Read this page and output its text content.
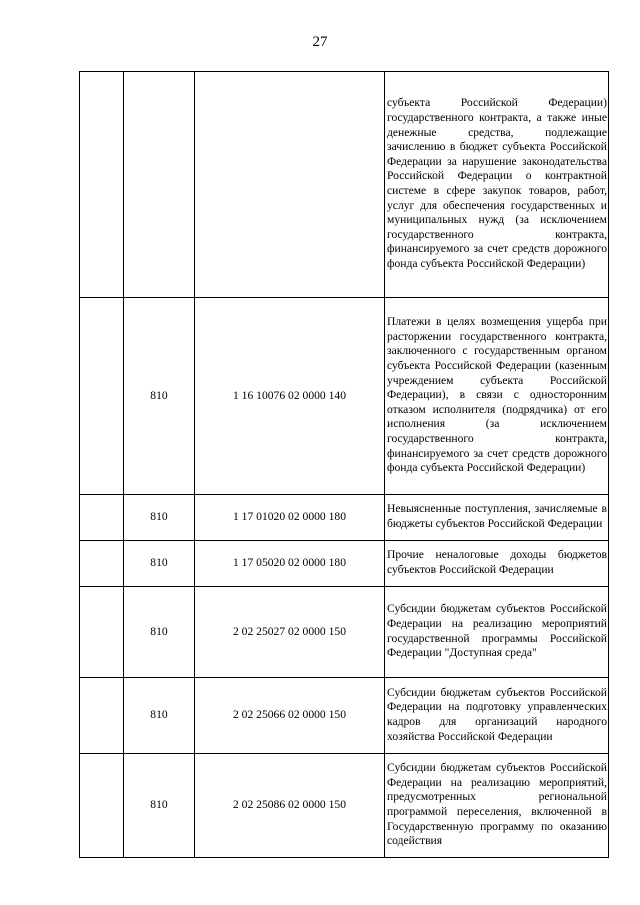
27
			субъекта Российской Федерации) государственного контракта, а также иные денежные средства, подлежащие зачислению в бюджет субъекта Российской Федерации за нарушение законодательства Российской Федерации о контрактной системе в сфере закупок товаров, работ, услуг для обеспечения государственных и муниципальных нужд (за исключением государственного контракта, финансируемого за счет средств дорожного фонда субъекта Российской Федерации)
	810	1 16 10076 02 0000 140	Платежи в целях возмещения ущерба при расторжении государственного контракта, заключенного с государственным органом субъекта Российской Федерации (казенным учреждением субъекта Российской Федерации), в связи с односторонним отказом исполнителя (подрядчика) от его исполнения (за исключением государственного контракта, финансируемого за счет средств дорожного фонда субъекта Российской Федерации)
	810	1 17 01020 02 0000 180	Невыясненные поступления, зачисляемые в бюджеты субъектов Российской Федерации
	810	1 17 05020 02 0000 180	Прочие неналоговые доходы бюджетов субъектов Российской Федерации
	810	2 02 25027 02 0000 150	Субсидии бюджетам субъектов Российской Федерации на реализацию мероприятий государственной программы Российской Федерации "Доступная среда"
	810	2 02 25066 02 0000 150	Субсидии бюджетам субъектов Российской Федерации на подготовку управленческих кадров для организаций народного хозяйства Российской Федерации
	810	2 02 25086 02 0000 150	Субсидии бюджетам субъектов Российской Федерации на реализацию мероприятий, предусмотренных региональной программой переселения, включенной в Государственную программу по оказанию содействия
